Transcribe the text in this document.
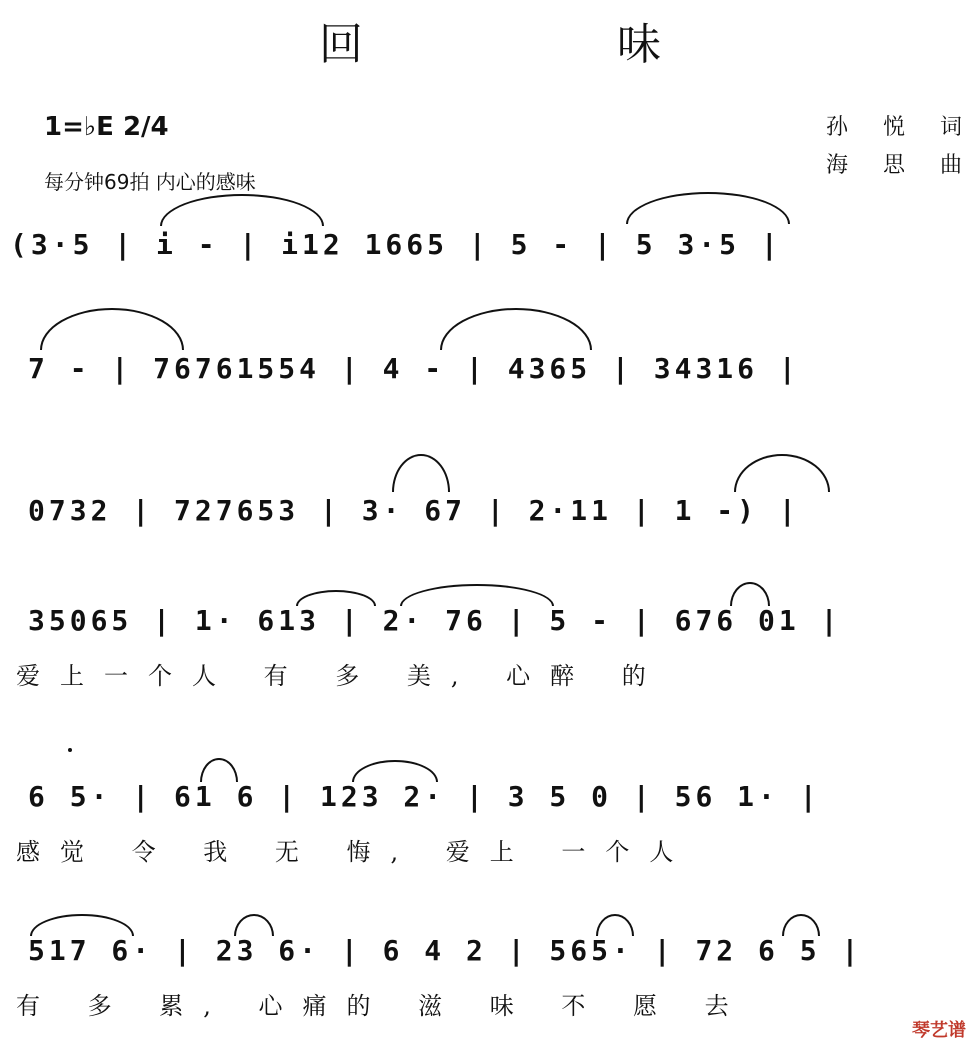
回 味
1=♭E 2/4
每分钟69拍 内心的感味
孙 悦 词
海 思 曲
(3·5 | i - | i12 1665 | 5 - | 5 3·5 |
7 - | 76761554 | 4 - | 4365 | 34316 |
0732 | 727653 | 3· 67 | 2·11 | 1 -) |
35065 | 1· 613 | 2· 76 | 5 - | 676 01 |
爱上一个人 有 多 美, 心醉 的
6 5· | 61 6 | 123 2· | 3 5 0 | 56 1· |
感觉 令 我 无 悔, 爱上 一个人
517 6· | 23 6· | 6 4 2 | 565· | 72 6 5 |
有 多 累, 心痛的 滋 味 不 愿 去
琴艺谱
